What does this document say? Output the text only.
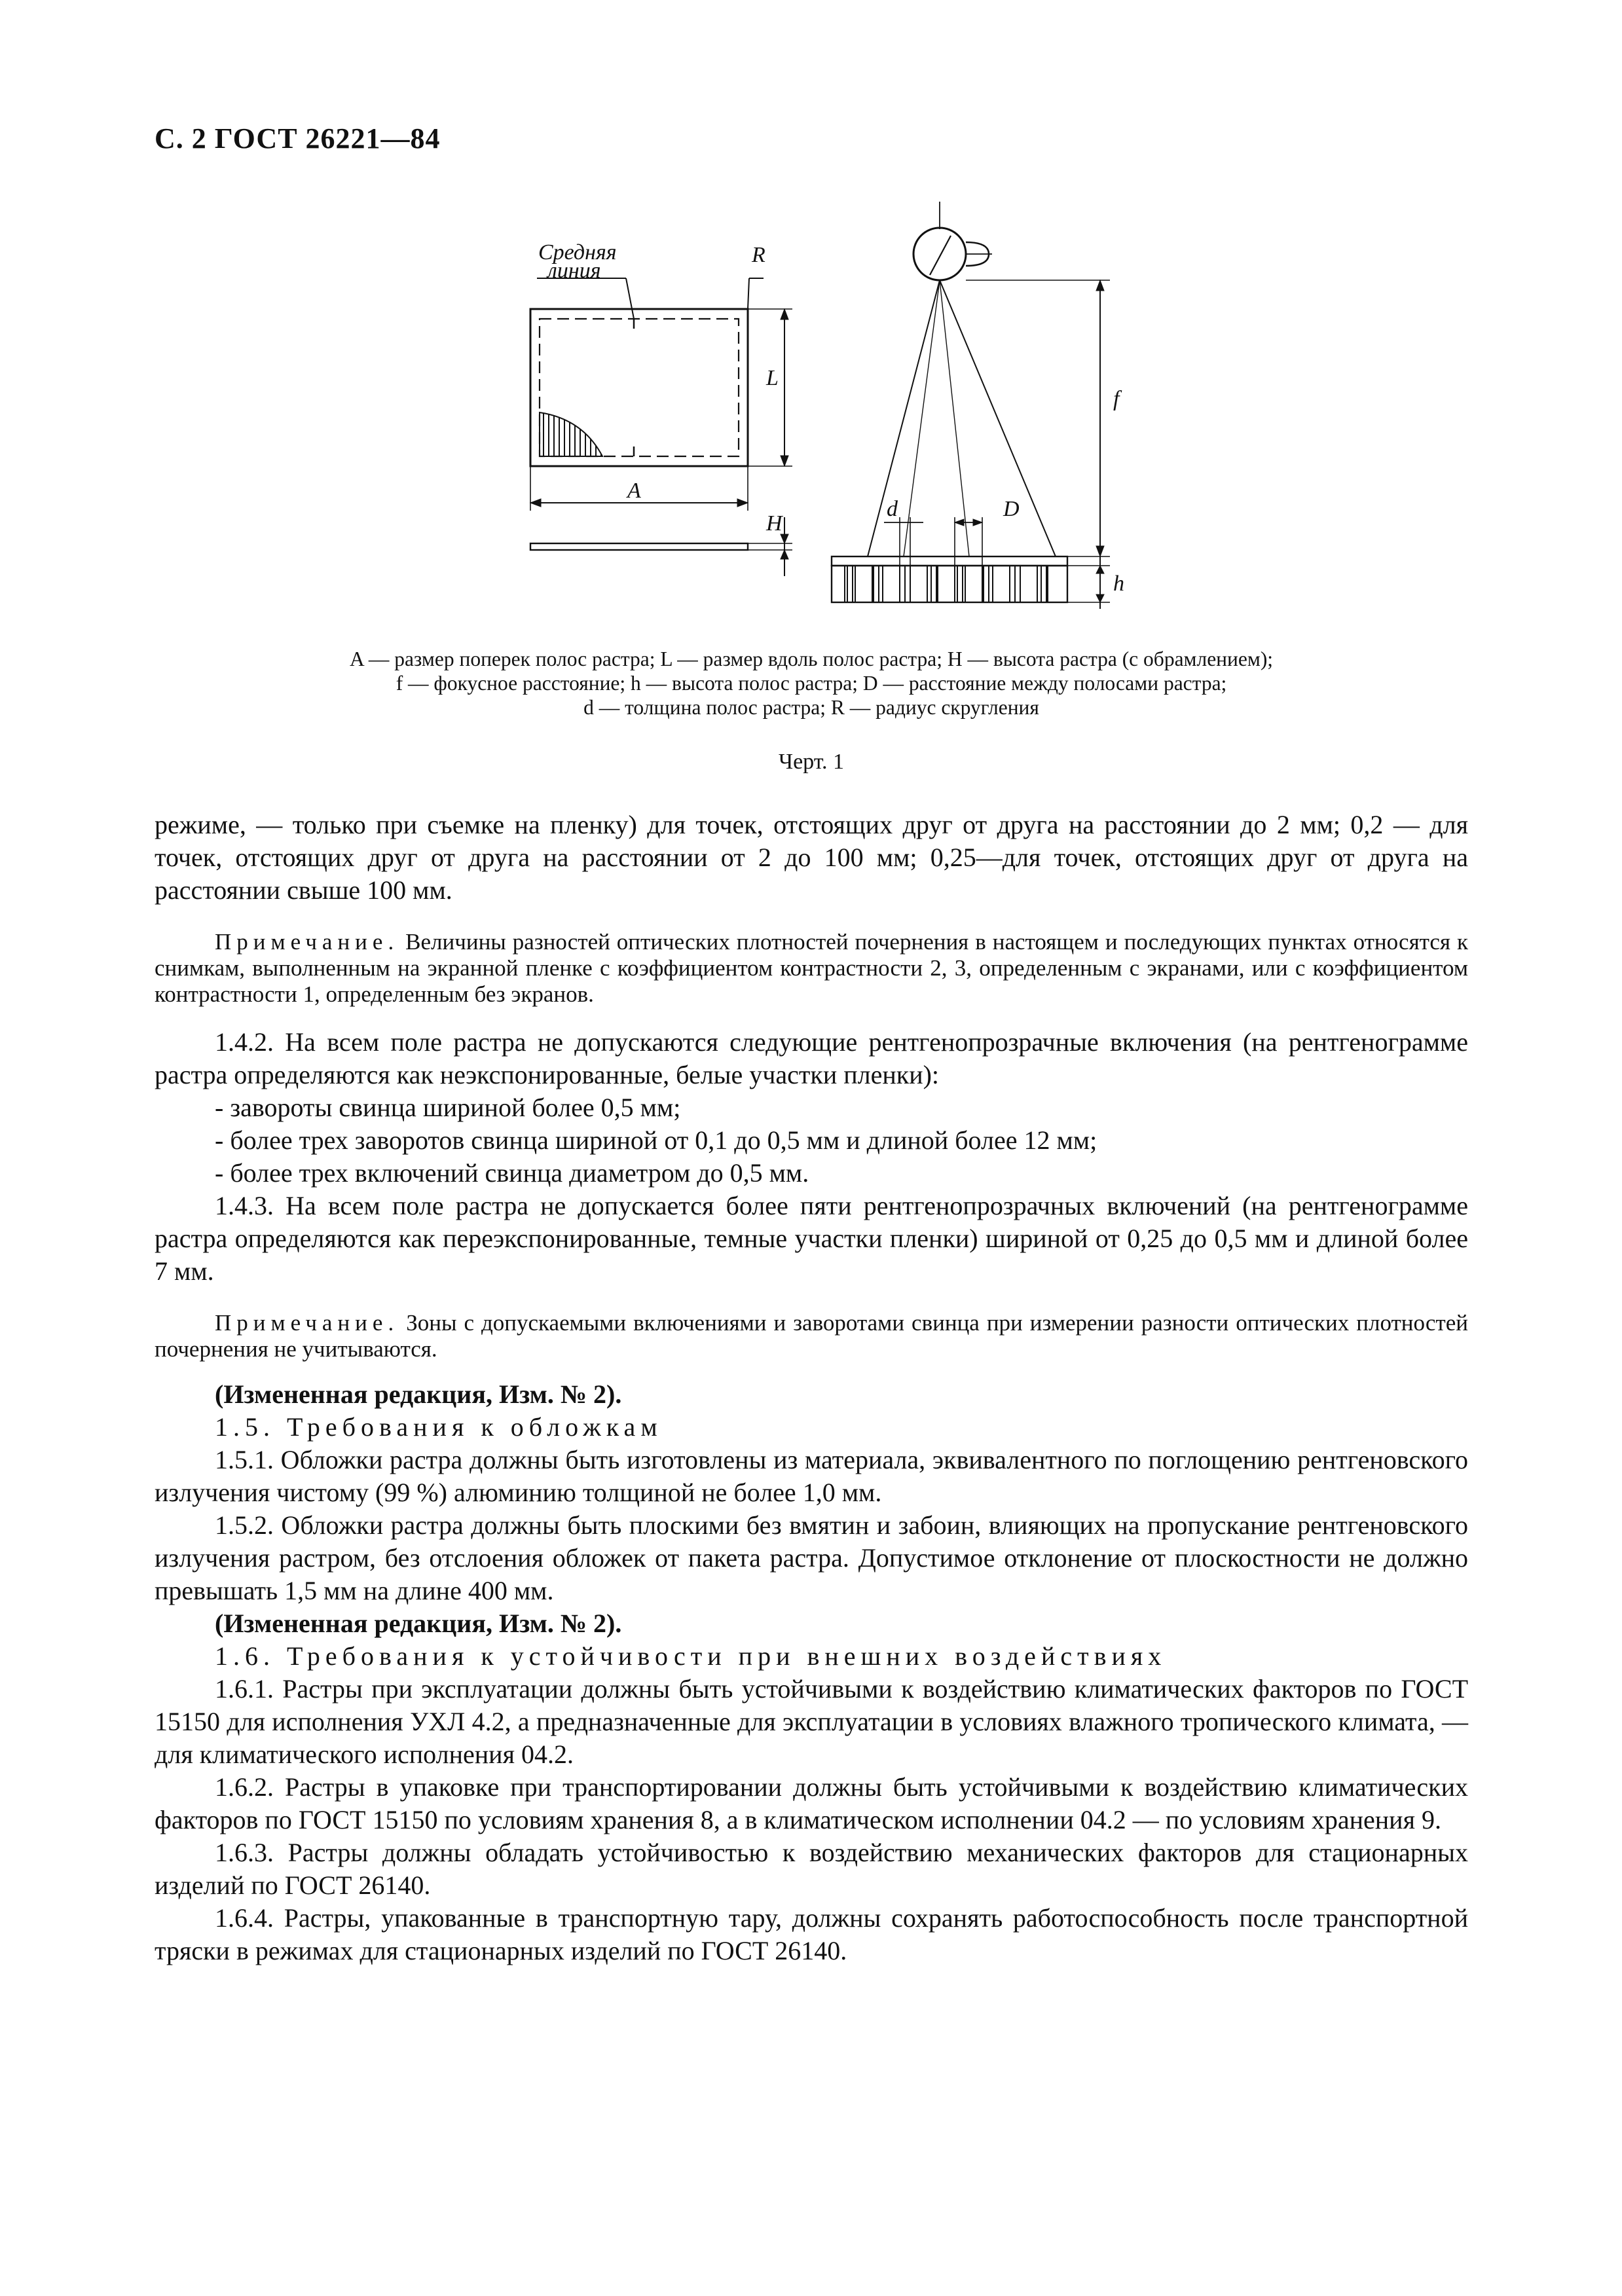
С. 2 ГОСТ 26221—84
Средняя
линия
R
L
A
H
f
d	D
h
A — размер поперек полос растра; L — размер вдоль полос растра; H — высота растра (с обрамлением);
f — фокусное расстояние; h — высота полос растра; D — расстояние между полосами растра;
d — толщина полос растра; R — радиус скругления
Черт. 1

режиме, — только при съемке на пленку) для точек, отстоящих друг от друга на расстоянии до 2 мм; 0,2 — для точек, отстоящих друг от друга на расстоянии от 2 до 100 мм; 0,25—для точек, отстоящих друг от друга на расстоянии свыше 100 мм.

Примечание. Величины разностей оптических плотностей почернения в настоящем и последующих пунктах относятся к снимкам, выполненным на экранной пленке с коэффициентом контрастности 2, 3, определенным с экранами, или с коэффициентом контрастности 1, определенным без экранов.

1.4.2. На всем поле растра не допускаются следующие рентгенопрозрачные включения (на рентгенограмме растра определяются как неэкспонированные, белые участки пленки):

- завороты свинца шириной более 0,5 мм;

- более трех заворотов свинца шириной от 0,1 до 0,5 мм и длиной более 12 мм;

- более трех включений свинца диаметром до 0,5 мм.

1.4.3. На всем поле растра не допускается более пяти рентгенопрозрачных включений (на рентгенограмме растра определяются как переэкспонированные, темные участки пленки) шириной от 0,25 до 0,5 мм и длиной более 7 мм.

Примечание. Зоны с допускаемыми включениями и заворотами свинца при измерении разности оптических плотностей почернения не учитываются.

(Измененная редакция, Изм. № 2).

1.5. Требования к обложкам

1.5.1. Обложки растра должны быть изготовлены из материала, эквивалентного по поглощению рентгеновского излучения чистому (99 %) алюминию толщиной не более 1,0 мм.

1.5.2. Обложки растра должны быть плоскими без вмятин и забоин, влияющих на пропускание рентгеновского излучения растром, без отслоения обложек от пакета растра. Допустимое отклонение от плоскостности не должно превышать 1,5 мм на длине 400 мм.

(Измененная редакция, Изм. № 2).

1.6. Требования к устойчивости при внешних воздействиях

1.6.1. Растры при эксплуатации должны быть устойчивыми к воздействию климатических факторов по ГОСТ 15150 для исполнения УХЛ 4.2, а предназначенные для эксплуатации в условиях влажного тропического климата, — для климатического исполнения 04.2.

1.6.2. Растры в упаковке при транспортировании должны быть устойчивыми к воздействию климатических факторов по ГОСТ 15150 по условиям хранения 8, а в климатическом исполнении 04.2 — по условиям хранения 9.

1.6.3. Растры должны обладать устойчивостью к воздействию механических факторов для стационарных изделий по ГОСТ 26140.

1.6.4. Растры, упакованные в транспортную тару, должны сохранять работоспособность после транспортной тряски в режимах для стационарных изделий по ГОСТ 26140.
